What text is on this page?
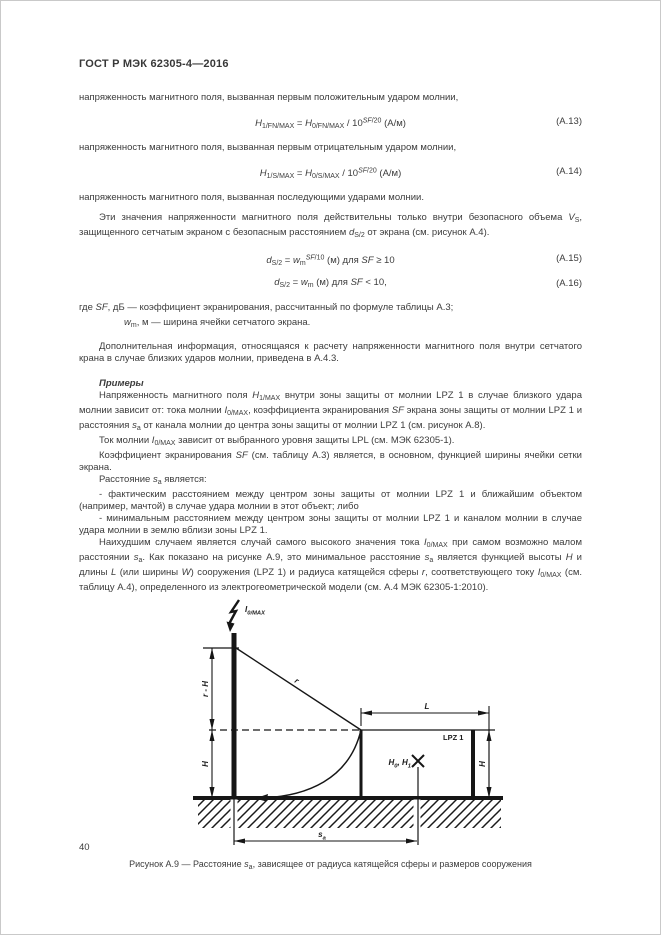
ГОСТ Р МЭК 62305-4—2016

напряженность магнитного поля, вызванная первым положительным ударом молнии,

$H_{1/FN/MAX} = H_{0/FN/MAX} / 10^{SF/20}$ (А/м)	(А.13)

напряженность магнитного поля, вызванная первым отрицательным ударом молнии,

$H_{1/S/MAX} = H_{0/S/MAX} / 10^{SF/20}$ (А/м)	(А.14)

напряженность магнитного поля, вызванная последующими ударами молнии.

Эти значения напряженности магнитного поля действительны только внутри безопасного объема $V_S$, защищенного сетчатым экраном с безопасным расстоянием $d_{S/2}$ от экрана (см. рисунок А.4).

$d_{S/2} = w_m^{SF/10}$ (м) для SF ≥ 10	(А.15)
$d_{S/2} = w_m$ (м) для SF < 10,	(А.16)

где SF, дБ — коэффициент экранирования, рассчитанный по формуле таблицы А.3;

$w_m$, м — ширина ячейки сетчатого экрана.

Дополнительная информация, относящаяся к расчету напряженности магнитного поля внутри сетчатого крана в случае близких ударов молнии, приведена в А.4.3.

Примеры

Напряженность магнитного поля $H_{1/MAX}$ внутри зоны защиты от молнии LPZ 1 в случае близкого удара молнии зависит от: тока молнии $I_{0/MAX}$, коэффициента экранирования SF экрана зоны защиты от молнии LPZ 1 и расстояния $s_a$ от канала молнии до центра зоны защиты от молнии LPZ 1 (см. рисунок А.8).

Ток молнии $I_{0/MAX}$ зависит от выбранного уровня защиты LPL (см. МЭК 62305-1).

Коэффициент экранирования SF (см. таблицу А.3) является, в основном, функцией ширины ячейки сетки экрана.

Расстояние $s_a$ является:

- фактическим расстоянием между центром зоны защиты от молнии LPZ 1 и ближайшим объектом (например, мачтой) в случае удара молнии в этот объект; либо

- минимальным расстоянием между центром зоны защиты от молнии LPZ 1 и каналом молнии в случае удара молнии в землю вблизи зоны LPZ 1.

Наихудшим случаем является случай самого высокого значения тока $I_{0/MAX}$ при самом возможно малом расстоянии $s_a$. Как показано на рисунке А.9, это минимальное расстояние $s_a$ является функцией высоты H и длины L (или ширины W) сооружения (LPZ 1) и радиуса катящейся сферы r, соответствующего току $I_{0/MAX}$ (см. таблицу А.4), определенного из электрогеометрической модели (см. А.4 МЭК 62305-1:2010).

$I_{0/MAX}$
r - H
H
r
LPZ 1
L
H
$H_0$, $H_1$
$s_a$

Рисунок А.9 — Расстояние $s_a$, зависящее от радиуса катящейся сферы и размеров сооружения

40
